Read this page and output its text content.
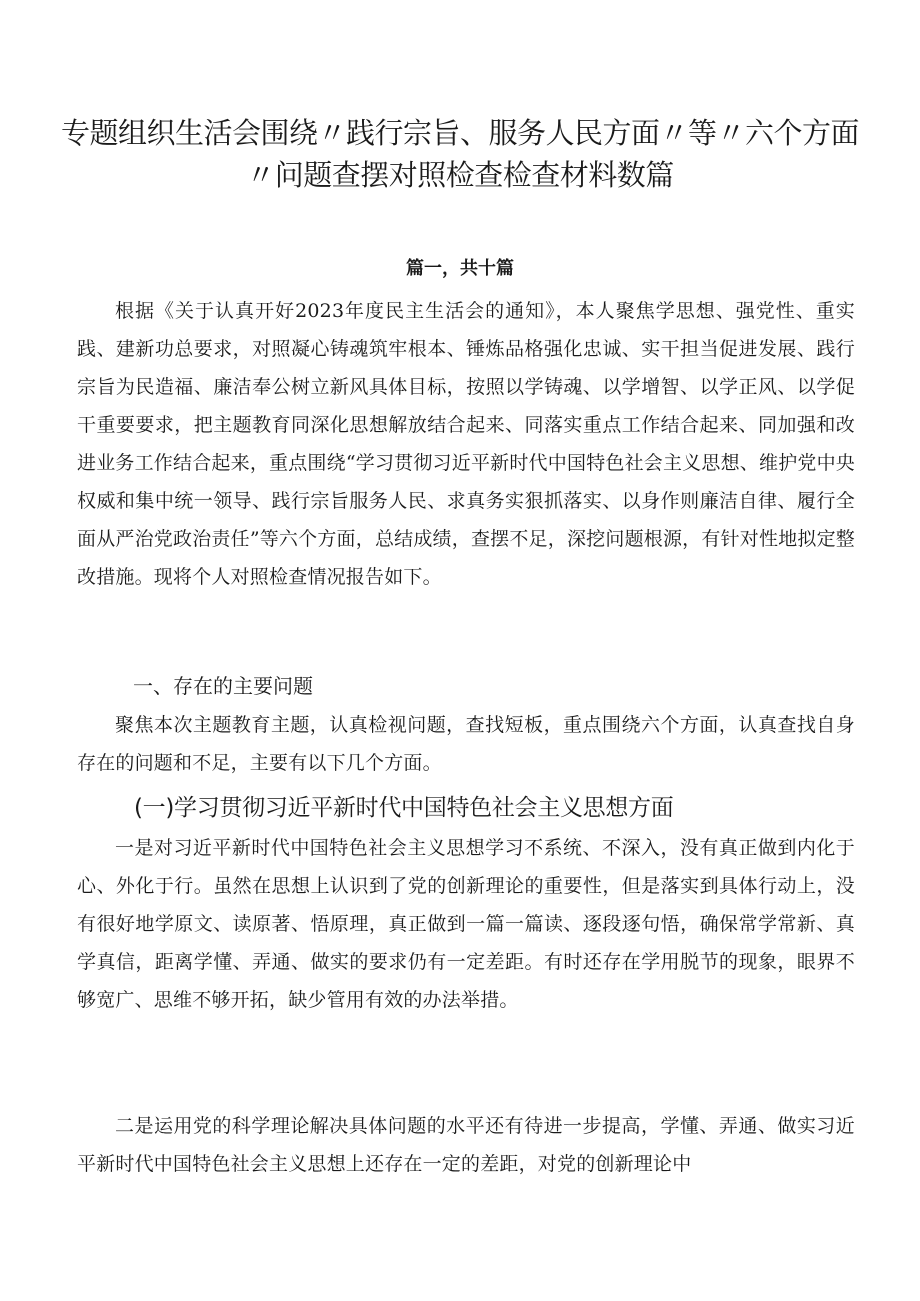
专题组织生活会围绕〃践行宗旨、服务人民方面〃等〃六个方面〃问题查摆对照检查检查材料数篇
篇一，共十篇

根据《关于认真开好2023年度民主生活会的通知》，本人聚焦学思想、强党性、重实践、建新功总要求，对照凝心铸魂筑牢根本、锤炼品格强化忠诚、实干担当促进发展、践行宗旨为民造福、廉洁奉公树立新风具体目标，按照以学铸魂、以学增智、以学正风、以学促干重要要求，把主题教育同深化思想解放结合起来、同落实重点工作结合起来、同加强和改进业务工作结合起来，重点围绕“学习贯彻习近平新时代中国特色社会主义思想、维护党中央权威和集中统一领导、践行宗旨服务人民、求真务实狠抓落实、以身作则廉洁自律、履行全面从严治党政治责任”等六个方面，总结成绩，查摆不足，深挖问题根源，有针对性地拟定整改措施。现将个人对照检查情况报告如下。

一、存在的主要问题

聚焦本次主题教育主题，认真检视问题，查找短板，重点围绕六个方面，认真查找自身存在的问题和不足，主要有以下几个方面。

(一)学习贯彻习近平新时代中国特色社会主义思想方面

一是对习近平新时代中国特色社会主义思想学习不系统、不深入，没有真正做到内化于心、外化于行。虽然在思想上认识到了党的创新理论的重要性，但是落实到具体行动上，没有很好地学原文、读原著、悟原理，真正做到一篇一篇读、逐段逐句悟，确保常学常新、真学真信，距离学懂、弄通、做实的要求仍有一定差距。有时还存在学用脱节的现象，眼界不够宽广、思维不够开拓，缺少管用有效的办法举措。

二是运用党的科学理论解决具体问题的水平还有待进一步提高，学懂、弄通、做实习近平新时代中国特色社会主义思想上还存在一定的差距，对党的创新理论中
